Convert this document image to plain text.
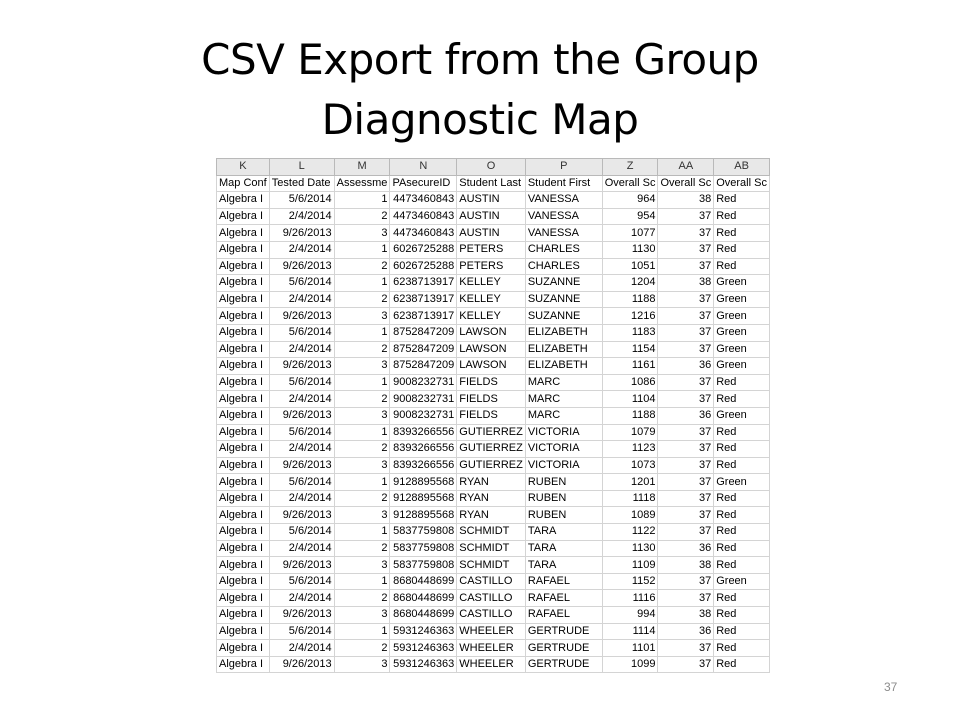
CSV Export from the Group
Diagnostic Map
K	L	M	N	O	P	Z	AA	AB
Map Conf	Tested Date	Assessme	PAsecureID	Student Last	Student First	Overall Sc	Overall Sc	Overall Sc
Algebra I	5/6/2014	1	4473460843	AUSTIN	VANESSA	964	38	Red
Algebra I	2/4/2014	2	4473460843	AUSTIN	VANESSA	954	37	Red
Algebra I	9/26/2013	3	4473460843	AUSTIN	VANESSA	1077	37	Red
Algebra I	2/4/2014	1	6026725288	PETERS	CHARLES	1130	37	Red
Algebra I	9/26/2013	2	6026725288	PETERS	CHARLES	1051	37	Red
Algebra I	5/6/2014	1	6238713917	KELLEY	SUZANNE	1204	38	Green
Algebra I	2/4/2014	2	6238713917	KELLEY	SUZANNE	1188	37	Green
Algebra I	9/26/2013	3	6238713917	KELLEY	SUZANNE	1216	37	Green
Algebra I	5/6/2014	1	8752847209	LAWSON	ELIZABETH	1183	37	Green
Algebra I	2/4/2014	2	8752847209	LAWSON	ELIZABETH	1154	37	Green
Algebra I	9/26/2013	3	8752847209	LAWSON	ELIZABETH	1161	36	Green
Algebra I	5/6/2014	1	9008232731	FIELDS	MARC	1086	37	Red
Algebra I	2/4/2014	2	9008232731	FIELDS	MARC	1104	37	Red
Algebra I	9/26/2013	3	9008232731	FIELDS	MARC	1188	36	Green
Algebra I	5/6/2014	1	8393266556	GUTIERREZ	VICTORIA	1079	37	Red
Algebra I	2/4/2014	2	8393266556	GUTIERREZ	VICTORIA	1123	37	Red
Algebra I	9/26/2013	3	8393266556	GUTIERREZ	VICTORIA	1073	37	Red
Algebra I	5/6/2014	1	9128895568	RYAN	RUBEN	1201	37	Green
Algebra I	2/4/2014	2	9128895568	RYAN	RUBEN	1118	37	Red
Algebra I	9/26/2013	3	9128895568	RYAN	RUBEN	1089	37	Red
Algebra I	5/6/2014	1	5837759808	SCHMIDT	TARA	1122	37	Red
Algebra I	2/4/2014	2	5837759808	SCHMIDT	TARA	1130	36	Red
Algebra I	9/26/2013	3	5837759808	SCHMIDT	TARA	1109	38	Red
Algebra I	5/6/2014	1	8680448699	CASTILLO	RAFAEL	1152	37	Green
Algebra I	2/4/2014	2	8680448699	CASTILLO	RAFAEL	1116	37	Red
Algebra I	9/26/2013	3	8680448699	CASTILLO	RAFAEL	994	38	Red
Algebra I	5/6/2014	1	5931246363	WHEELER	GERTRUDE	1114	36	Red
Algebra I	2/4/2014	2	5931246363	WHEELER	GERTRUDE	1101	37	Red
Algebra I	9/26/2013	3	5931246363	WHEELER	GERTRUDE	1099	37	Red
37
